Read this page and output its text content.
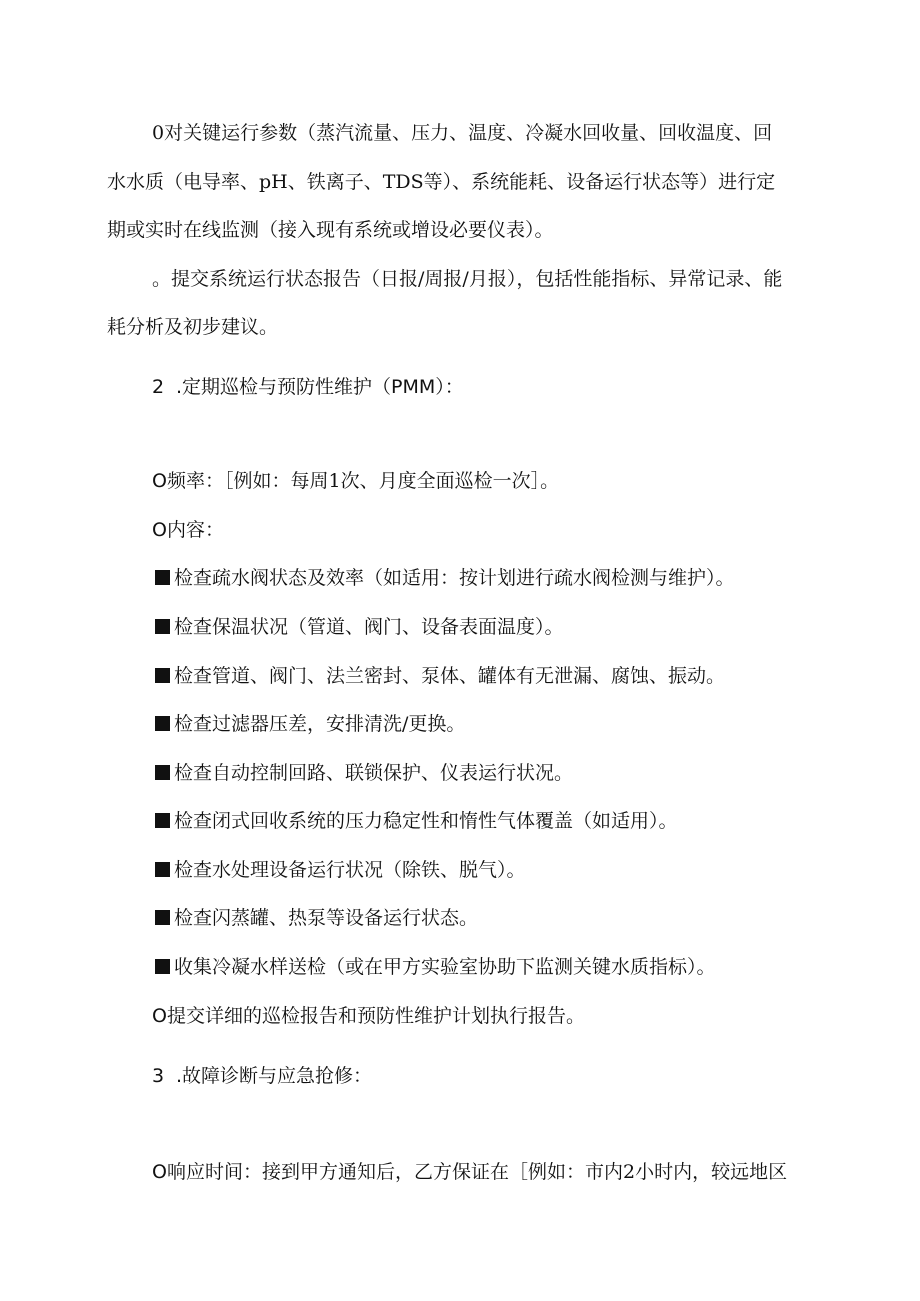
0对关键运行参数（蒸汽流量、压力、温度、冷凝水回收量、回收温度、回
水水质（电导率、pH、铁离子、TDS等）、系统能耗、设备运行状态等）进行定
期或实时在线监测（接入现有系统或增设必要仪表）。
。提交系统运行状态报告（日报/周报/月报），包括性能指标、异常记录、能
耗分析及初步建议。
2 .定期巡检与预防性维护（PMM）：
O频率：［例如：每周1次、月度全面巡检一次］。
O内容：
检查疏水阀状态及效率（如适用：按计划进行疏水阀检测与维护）。
检查保温状况（管道、阀门、设备表面温度）。
检查管道、阀门、法兰密封、泵体、罐体有无泄漏、腐蚀、振动。
检查过滤器压差，安排清洗/更换。
检查自动控制回路、联锁保护、仪表运行状况。
检查闭式回收系统的压力稳定性和惰性气体覆盖（如适用）。
检查水处理设备运行状况（除铁、脱气）。
检查闪蒸罐、热泵等设备运行状态。
收集冷凝水样送检（或在甲方实验室协助下监测关键水质指标）。
O提交详细的巡检报告和预防性维护计划执行报告。
3 .故障诊断与应急抢修：
O响应时间：接到甲方通知后，乙方保证在［例如：市内2小时内，较远地区
